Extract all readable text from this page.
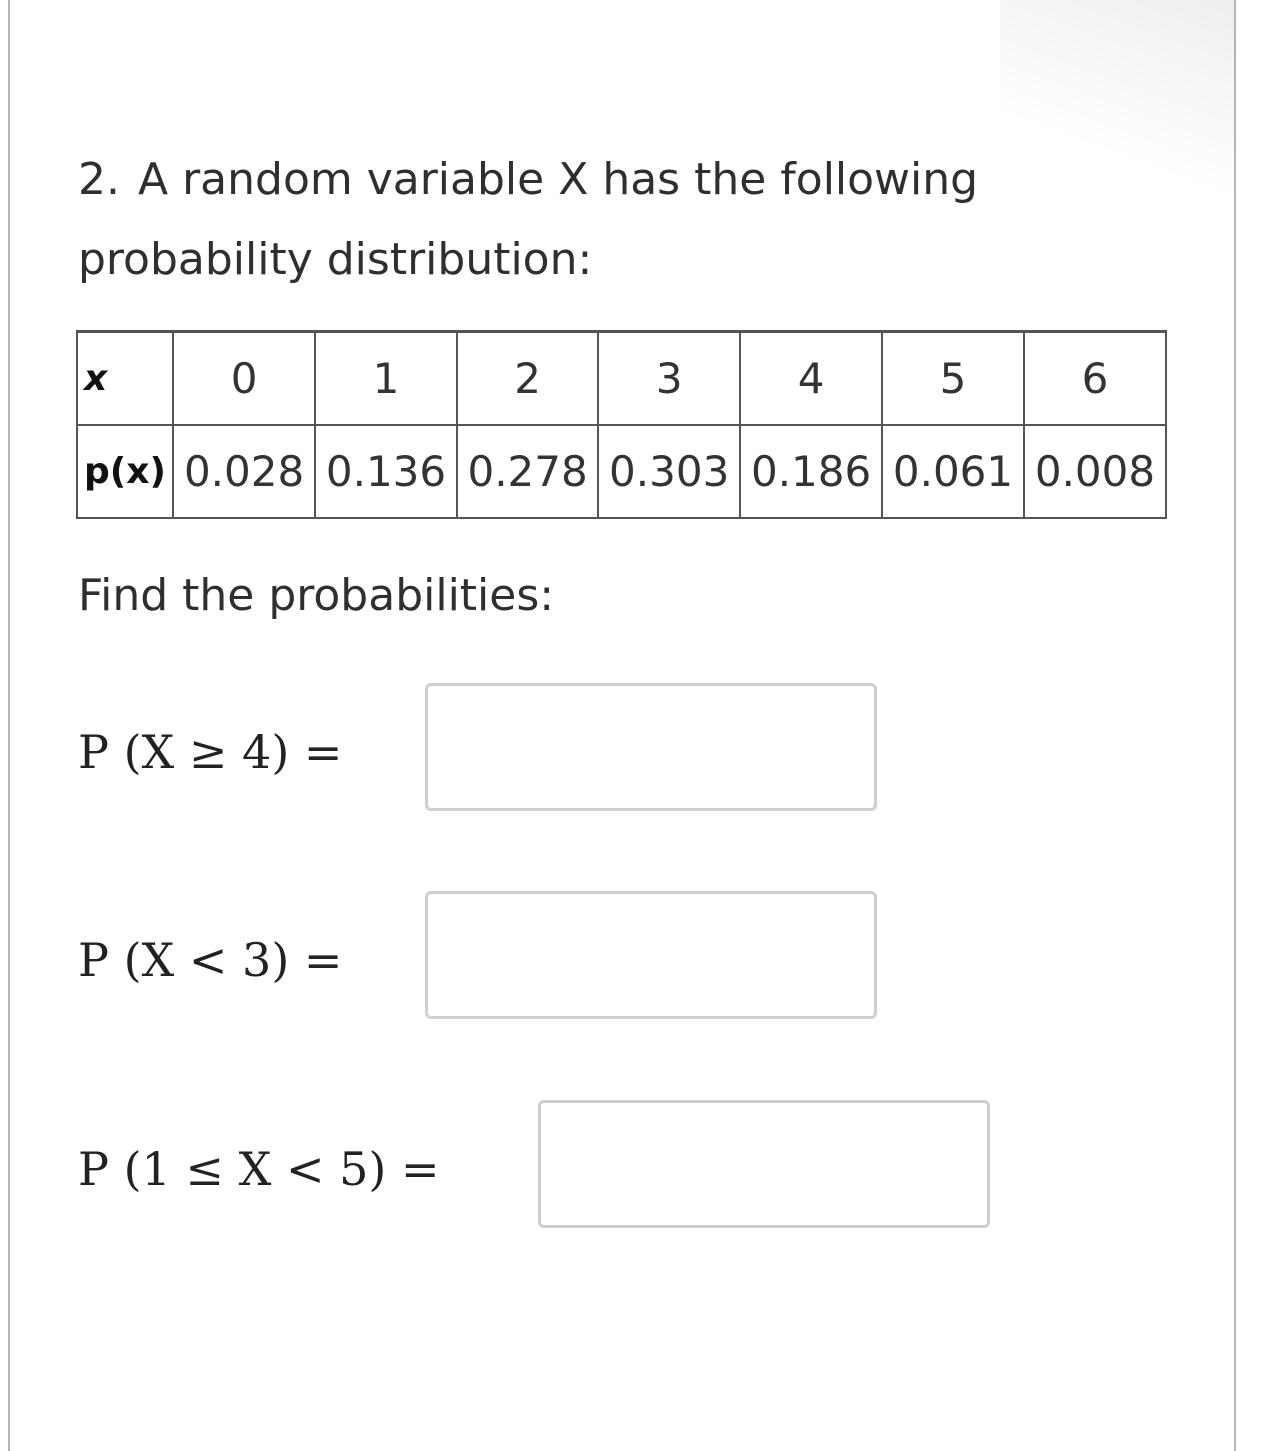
2. A random variable X has the following probability distribution:

x	0	1	2	3	4	5	6
p(x)	0.028	0.136	0.278	0.303	0.186	0.061	0.008

Find the probabilities:

P (X ≥ 4) =
P (X < 3) =
P (1 ≤ X < 5) =
